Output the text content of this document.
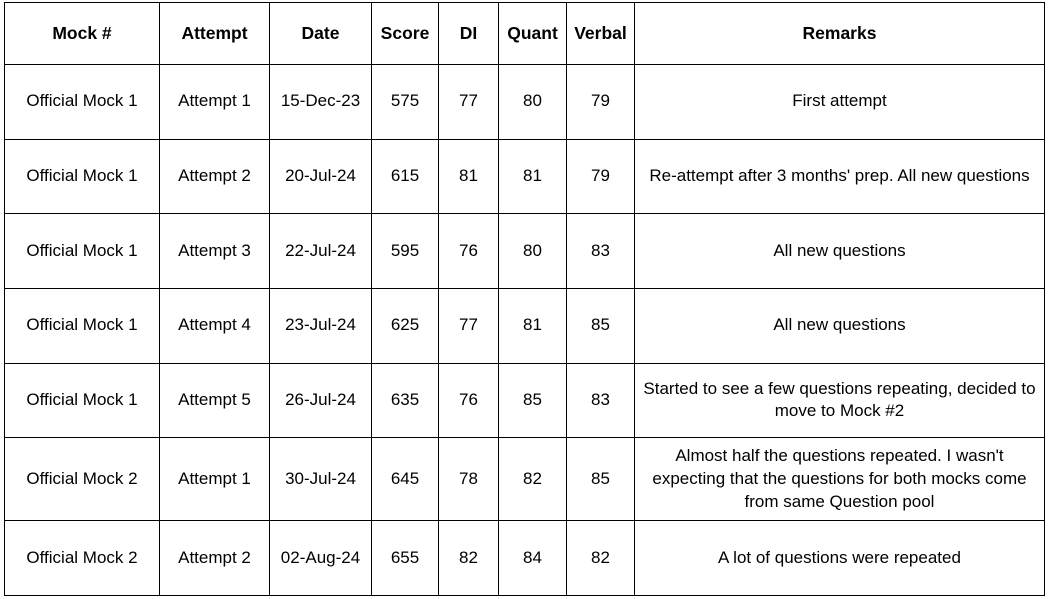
Mock #	Attempt	Date	Score	DI	Quant	Verbal	Remarks
Official Mock 1	Attempt 1	15-Dec-23	575	77	80	79	First attempt
Official Mock 1	Attempt 2	20-Jul-24	615	81	81	79	Re-attempt after 3 months' prep. All new questions
Official Mock 1	Attempt 3	22-Jul-24	595	76	80	83	All new questions
Official Mock 1	Attempt 4	23-Jul-24	625	77	81	85	All new questions
Official Mock 1	Attempt 5	26-Jul-24	635	76	85	83	Started to see a few questions repeating, decided to move to Mock #2
Official Mock 2	Attempt 1	30-Jul-24	645	78	82	85	Almost half the questions repeated. I wasn't expecting that the questions for both mocks come from same Question pool
Official Mock 2	Attempt 2	02-Aug-24	655	82	84	82	A lot of questions were repeated
